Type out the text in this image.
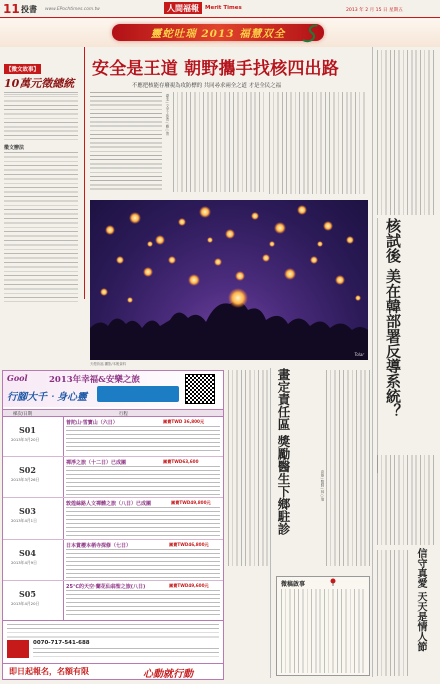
11 投書 www.EPochtimes.com.tw	人間福報	Merit Times	2013 年 2 月 15 日 星期五
靈蛇吐瑞 2013 福慧双全
【微文故事】
10萬元徵總統
徵文辦法
安全是王道 朝野攜手找核四出路
不應把核能存廢視為攻防標的 共同尋求兩全之道 才是全民之福
臺北 / 文字工作者 / 賴○菁
Tolar
天燈祈福 攝影/本報資料	核試後 美在韓部署反導系統？
畫定責任區 獎勵醫生下鄉駐診	高雄 / 醫師 / 林○瑞
微稿啟事	信守真愛 天天是情人節
Gool	2013年幸福&安樂之旅
行腳大千‧身心靈
梯次/日期	行程
S01
2013年3月20日
普陀山‧雪寶山（六日）	團費TWD 36,800元
S02
2013年3月26日
禪淨之旅（十二日）已成團	團費TWD63,600
S03
2013年4月1日
敦煌絲路人文禪體之旅（八日）已成團	團費TWD49,800元
S04
2013年4月9日
日本賞櫻本栖寺探修（七日）	團費TWD46,800元
S05
2013年4月20日
25℃的天空‧蘭花仙翁聖之旅(八日)	團費TWD49,600元
0070-717-541-688
即日起報名，名額有限	心動就行動
